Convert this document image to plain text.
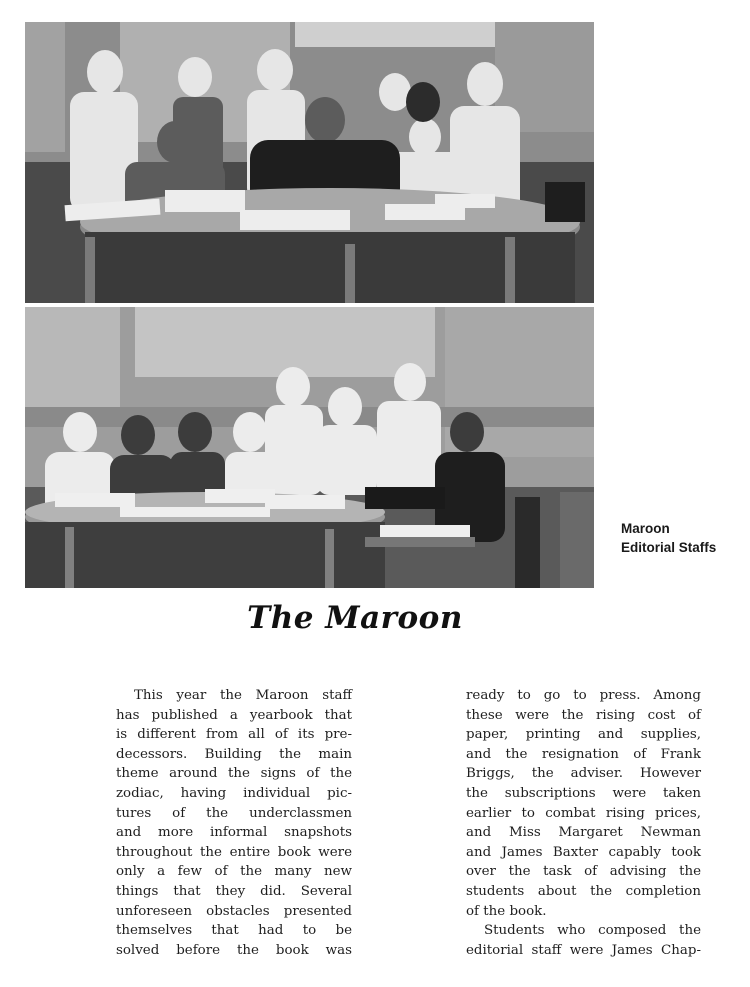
Maroon
Editorial Staffs
The Maroon
This year the Maroon staff
has published a yearbook that
is different from all of its pre-
decessors. Building the main
theme around the signs of the
zodiac, having individual pic-
tures of the underclassmen
and more informal snapshots
throughout the entire book were
only a few of the many new
things that they did. Several
unforeseen obstacles presented
themselves that had to be
solved before the book was
ready to go to press. Among
these were the rising cost of
paper, printing and supplies,
and the resignation of Frank
Briggs, the adviser. However
the subscriptions were taken
earlier to combat rising prices,
and Miss Margaret Newman
and James Baxter capably took
over the task of advising the
students about the completion
of the book.
Students who composed the
editorial staff were James Chap-
